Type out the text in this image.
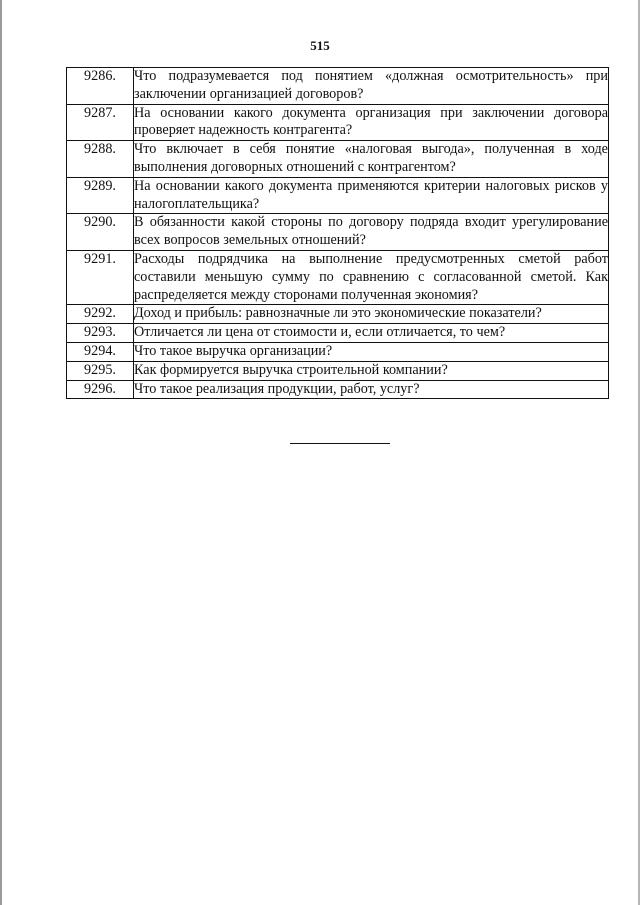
515
9286.	Что подразумевается под понятием «должная осмотрительность» при заключении организацией договоров?
9287.	На основании какого документа организация при заключении договора проверяет надежность контрагента?
9288.	Что включает в себя понятие «налоговая выгода», полученная в ходе выполнения договорных отношений с контрагентом?
9289.	На основании какого документа применяются критерии налоговых рисков у налогоплательщика?
9290.	В обязанности какой стороны по договору подряда входит урегулирование всех вопросов земельных отношений?
9291.	Расходы подрядчика на выполнение предусмотренных сметой работ составили меньшую сумму по сравнению с согласованной сметой. Как распределяется между сторонами полученная экономия?
9292.	Доход и прибыль: равнозначные ли это экономические показатели?
9293.	Отличается ли цена от стоимости и, если отличается, то чем?
9294.	Что такое выручка организации?
9295.	Как формируется выручка строительной компании?
9296.	Что такое реализация продукции, работ, услуг?
